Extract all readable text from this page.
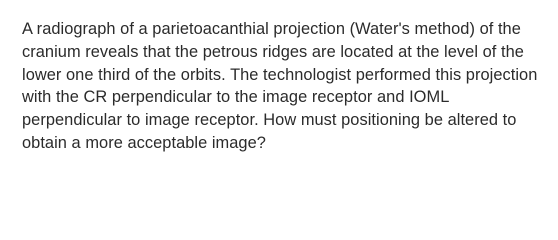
A radiograph of a parietoacanthial projection (Water's method) of the cranium reveals that the petrous ridges are located at the level of the lower one third of the orbits. The technologist performed this projection with the CR perpendicular to the image receptor and IOML perpendicular to image receptor. How must positioning be altered to obtain a more acceptable image?
